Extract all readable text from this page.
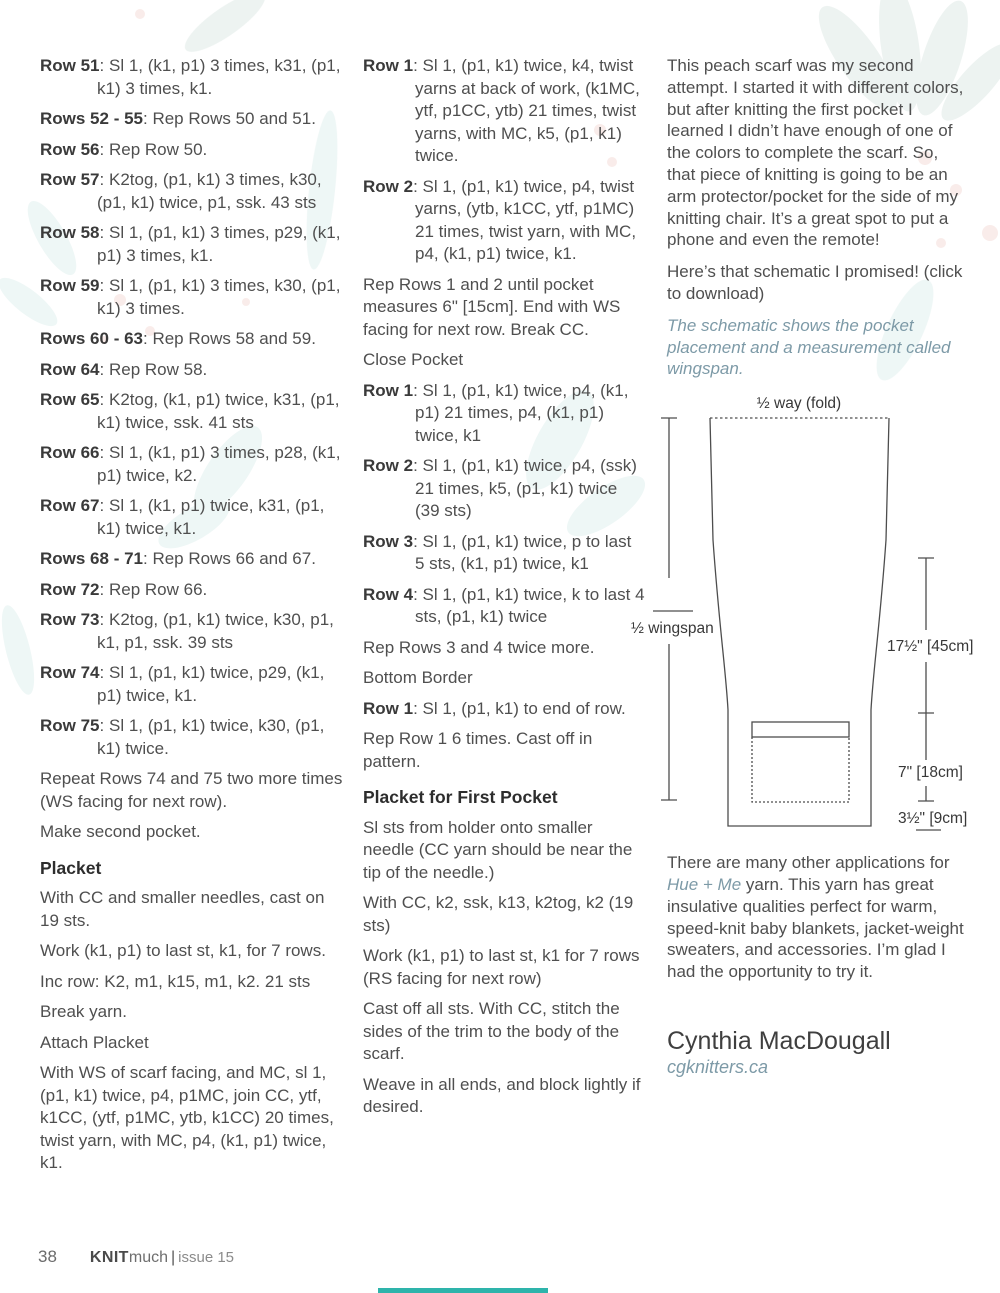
Row 51: Sl 1, (k1, p1) 3 times, k31, (p1, k1) 3 times, k1.

Rows 52 - 55: Rep Rows 50 and 51.

Row 56: Rep Row 50.

Row 57: K2tog, (p1, k1) 3 times, k30, (p1, k1) twice, p1, ssk. 43 sts

Row 58: Sl 1, (p1, k1) 3 times, p29, (k1, p1) 3 times, k1.

Row 59: Sl 1, (p1, k1) 3 times, k30, (p1, k1) 3 times.

Rows 60 - 63: Rep Rows 58 and 59.

Row 64: Rep Row 58.

Row 65: K2tog, (k1, p1) twice, k31, (p1, k1) twice, ssk. 41 sts

Row 66: Sl 1, (k1, p1) 3 times, p28, (k1, p1) twice, k2.

Row 67: Sl 1, (k1, p1) twice, k31, (p1, k1) twice, k1.

Rows 68 - 71: Rep Rows 66 and 67.

Row 72: Rep Row 66.

Row 73: K2tog, (p1, k1) twice, k30, p1, k1, p1, ssk. 39 sts

Row 74: Sl 1, (p1, k1) twice, p29, (k1, p1) twice, k1.

Row 75: Sl 1, (p1, k1) twice, k30, (p1, k1) twice.

Repeat Rows 74 and 75 two more times (WS facing for next row).

Make second pocket.

Placket

With CC and smaller needles, cast on 19 sts.

Work (k1, p1) to last st, k1, for 7 rows.

Inc row: K2, m1, k15, m1, k2. 21 sts

Break yarn.

Attach Placket

With WS of scarf facing, and MC, sl 1, (p1, k1) twice, p4, p1MC, join CC, ytf, k1CC, (ytf, p1MC, ytb, k1CC) 20 times, twist yarn, with MC, p4, (k1, p1) twice, k1.

Row 1: Sl 1, (p1, k1) twice, k4, twist yarns at back of work, (k1MC, ytf, p1CC, ytb) 21 times, twist yarns, with MC, k5, (p1, k1) twice.

Row 2: Sl 1, (p1, k1) twice, p4, twist yarns, (ytb, k1CC, ytf, p1MC) 21 times, twist yarn, with MC, p4, (k1, p1) twice, k1.

Rep Rows 1 and 2 until pocket measures 6" [15cm]. End with WS facing for next row. Break CC.

Close Pocket

Row 1: Sl 1, (p1, k1) twice, p4, (k1, p1) 21 times, p4, (k1, p1) twice, k1

Row 2: Sl 1, (p1, k1) twice, p4, (ssk) 21 times, k5, (p1, k1) twice (39 sts)

Row 3: Sl 1, (p1, k1) twice, p to last 5 sts, (k1, p1) twice, k1

Row 4: Sl 1, (p1, k1) twice, k to last 4 sts, (p1, k1) twice

Rep Rows 3 and 4 twice more.

Bottom Border

Row 1: Sl 1, (p1, k1) to end of row.

Rep Row 1 6 times. Cast off in pattern.

Placket for First Pocket

Sl sts from holder onto smaller needle (CC yarn should be near the tip of the needle.)

With CC, k2, ssk, k13, k2tog, k2 (19 sts)

Work (k1, p1) to last st, k1 for 7 rows (RS facing for next row)

Cast off all sts. With CC, stitch the sides of the trim to the body of the scarf.

Weave in all ends, and block lightly if desired.

This peach scarf was my second attempt. I started it with different colors, but after knitting the first pocket I learned I didn’t have enough of one of the colors to complete the scarf. So, that piece of knitting is going to be an arm protector/pocket for the side of my knitting chair. It’s a great spot to put a phone and even the remote!

Here’s that schematic I promised! (click to download)

The schematic shows the pocket placement and a measurement called wingspan.

½ way (fold)
½ wingspan
17½" [45cm]
7" [18cm]
3½" [9cm]

There are many other applications for Hue + Me yarn. This yarn has great insulative qualities perfect for warm, speed-knit baby blankets, jacket-weight sweaters, and accessories. I’m glad I had the opportunity to try it.

Cynthia MacDougall
cgknitters.ca
38 KNITmuch | issue 15
